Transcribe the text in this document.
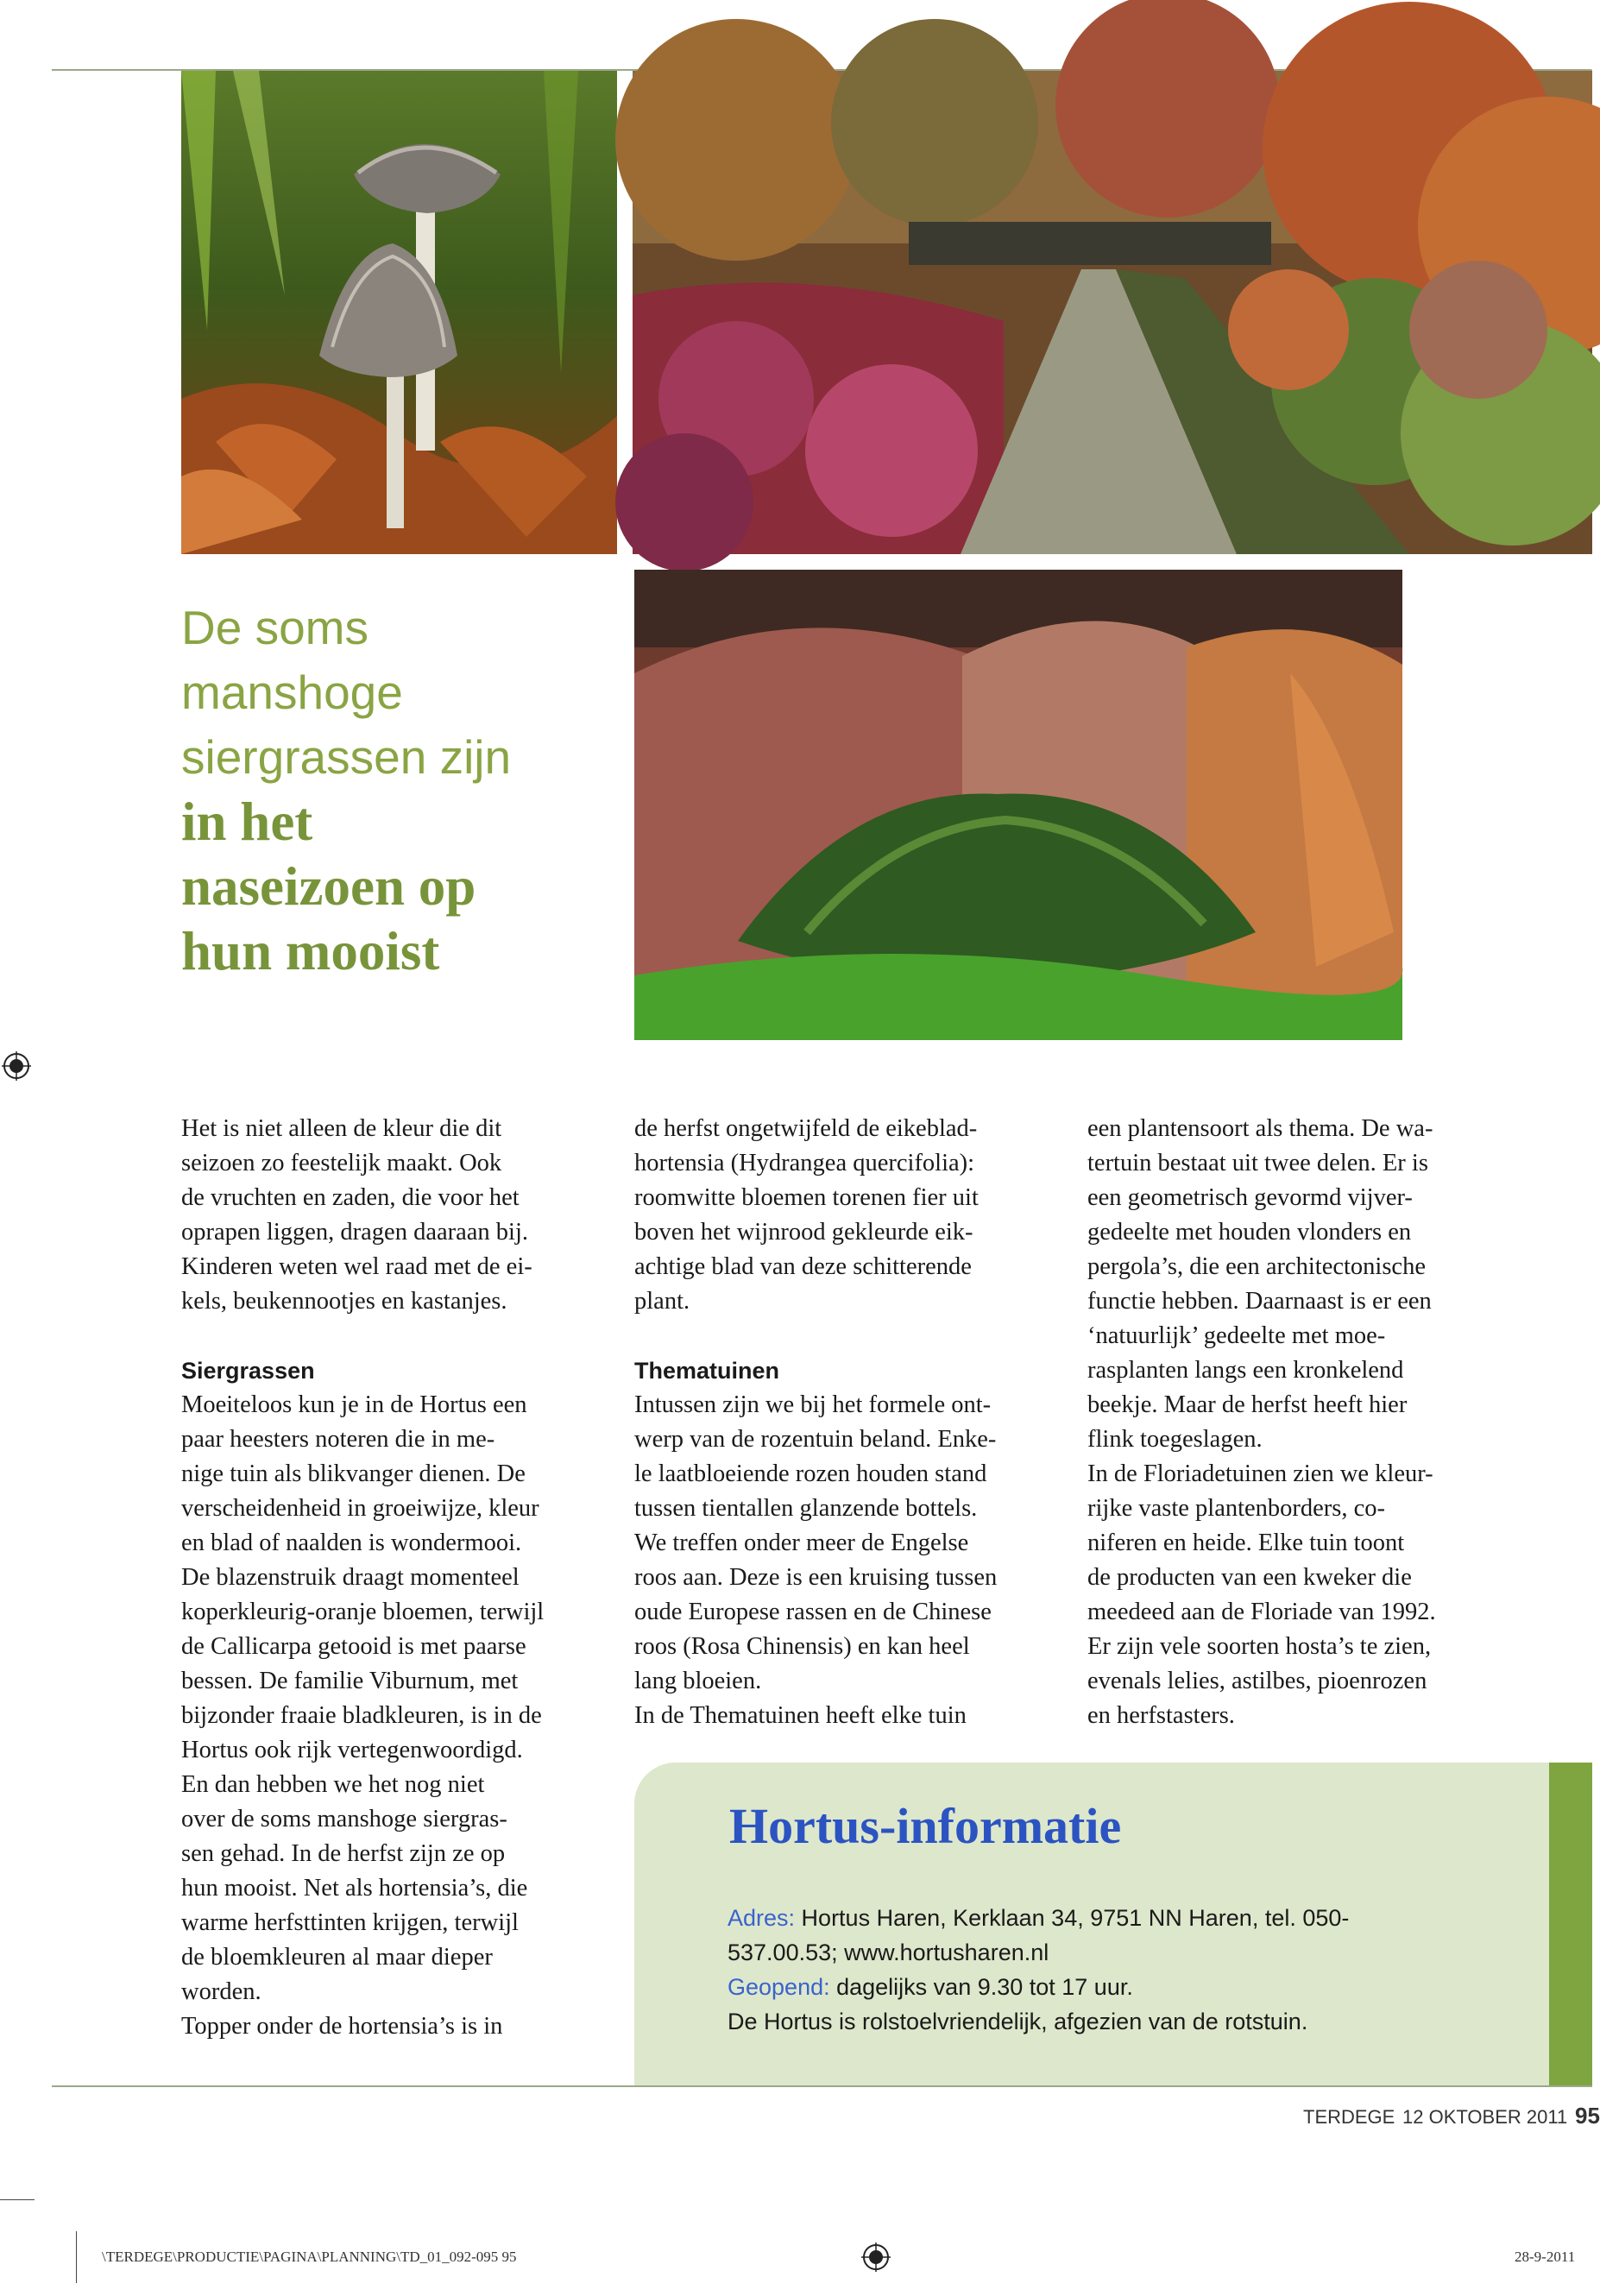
De soms
manshoge
siergrassen zijn
in het
naseizoen op
hun mooist

Het is niet alleen de kleur die dit

seizoen zo feestelijk maakt. Ook

de vruchten en zaden, die voor het

oprapen liggen, dragen daaraan bij.

Kinderen weten wel raad met de ei-

kels, beukennootjes en kastanjes.

Siergrassen

Moeiteloos kun je in de Hortus een

paar heesters noteren die in me-

nige tuin als blikvanger dienen. De

verscheidenheid in groeiwijze, kleur

en blad of naalden is wondermooi.

De blazenstruik draagt momenteel

koperkleurig-oranje bloemen, terwijl

de Callicarpa getooid is met paarse

bessen. De familie Viburnum, met

bijzonder fraaie bladkleuren, is in de

Hortus ook rijk vertegenwoordigd.

En dan hebben we het nog niet

over de soms manshoge siergras-

sen gehad. In de herfst zijn ze op

hun mooist. Net als hortensia’s, die

warme herfsttinten krijgen, terwijl

de bloemkleuren al maar dieper

worden.

Topper onder de hortensia’s is in

de herfst ongetwijfeld de eikeblad-

hortensia (Hydrangea quercifolia):

roomwitte bloemen torenen fier uit

boven het wijnrood gekleurde eik-

achtige blad van deze schitterende

plant.

Thematuinen

Intussen zijn we bij het formele ont-

werp van de rozentuin beland. Enke-

le laatbloeiende rozen houden stand

tussen tientallen glanzende bottels.

We treffen onder meer de Engelse

roos aan. Deze is een kruising tussen

oude Europese rassen en de Chinese

roos (Rosa Chinensis) en kan heel

lang bloeien.

In de Thematuinen heeft elke tuin

een plantensoort als thema. De wa-

tertuin bestaat uit twee delen. Er is

een geometrisch gevormd vijver-

gedeelte met houden vlonders en

pergola’s, die een architectonische

functie hebben. Daarnaast is er een

‘natuurlijk’ gedeelte met moe-

rasplanten langs een kronkelend

beekje. Maar de herfst heeft hier

flink toegeslagen.

In de Floriadetuinen zien we kleur-

rijke vaste plantenborders, co-

niferen en heide. Elke tuin toont

de producten van een kweker die

meedeed aan de Floriade van 1992.

Er zijn vele soorten hosta’s te zien,

evenals lelies, astilbes, pioenrozen

en herfstasters.

Hortus-informatie
Adres: Hortus Haren, Kerklaan 34, 9751 NN Haren, tel. 050-
537.00.53; www.hortusharen.nl
Geopend: dagelijks van 9.30 tot 17 uur.
De Hortus is rolstoelvriendelijk, afgezien van de rotstuin.
TERDEGE 12 OKTOBER 2011 95
\TERDEGE\PRODUCTIE\PAGINA\PLANNING\TD_01_092-095 95	28-9-2011
